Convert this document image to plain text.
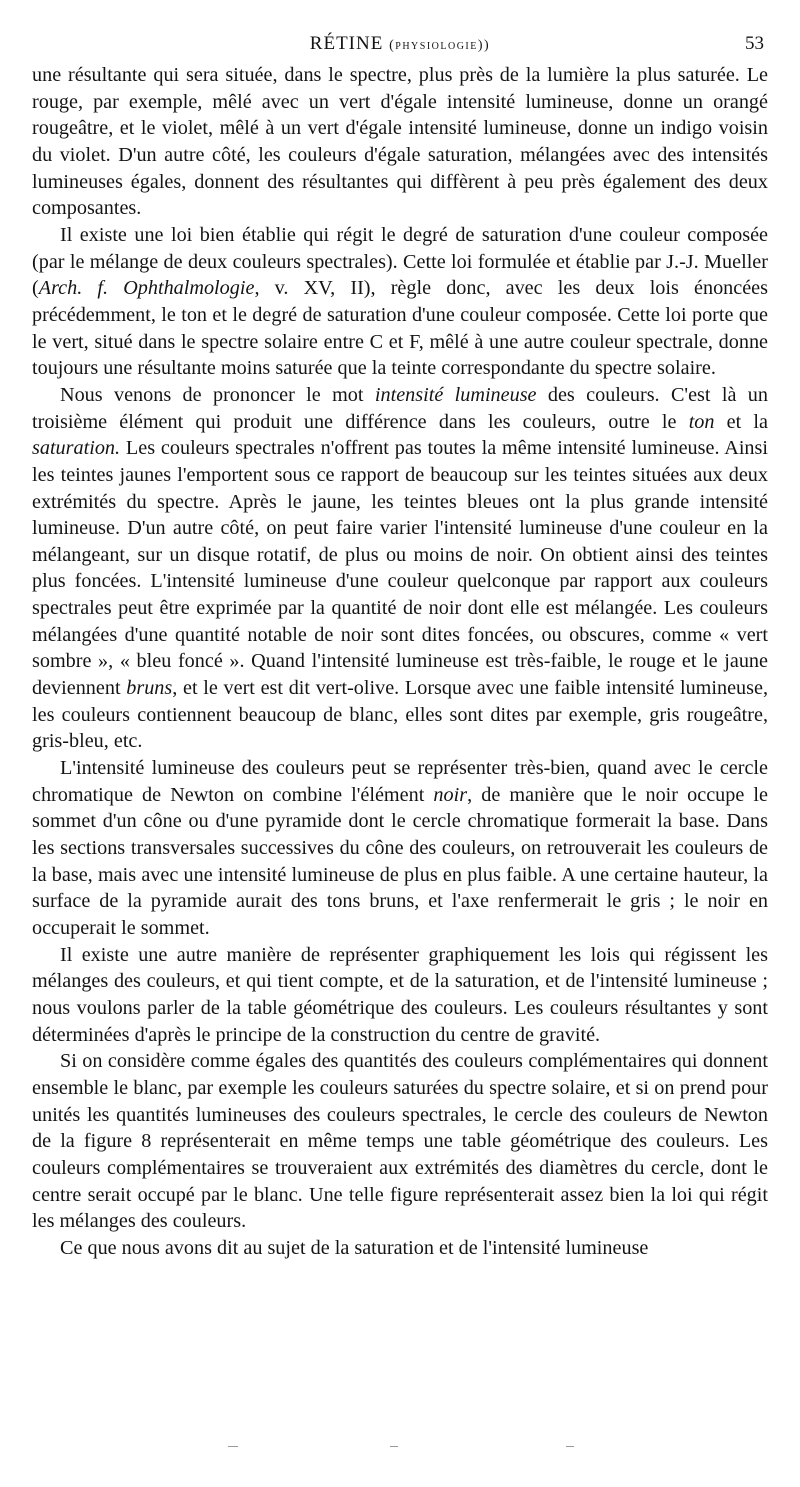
RÉTINE (physiologie))	53

une résultante qui sera située, dans le spectre, plus près de la lumière la plus saturée. Le rouge, par exemple, mêlé avec un vert d'égale intensité lumineuse, donne un orangé rougeâtre, et le violet, mêlé à un vert d'égale intensité lumineuse, donne un indigo voisin du violet. D'un autre côté, les couleurs d'égale saturation, mélangées avec des intensités lumineuses égales, donnent des résultantes qui diffèrent à peu près également des deux composantes.

Il existe une loi bien établie qui régit le degré de saturation d'une couleur composée (par le mélange de deux couleurs spectrales). Cette loi formulée et établie par J.-J. Mueller (Arch. f. Ophthalmologie, v. XV, II), règle donc, avec les deux lois énoncées précédemment, le ton et le degré de saturation d'une couleur composée. Cette loi porte que le vert, situé dans le spectre solaire entre C et F, mêlé à une autre couleur spectrale, donne toujours une résultante moins saturée que la teinte correspondante du spectre solaire.

Nous venons de prononcer le mot intensité lumineuse des couleurs. C'est là un troisième élément qui produit une différence dans les couleurs, outre le ton et la saturation. Les couleurs spectrales n'offrent pas toutes la même intensité lumineuse. Ainsi les teintes jaunes l'emportent sous ce rapport de beaucoup sur les teintes situées aux deux extrémités du spectre. Après le jaune, les teintes bleues ont la plus grande intensité lumineuse. D'un autre côté, on peut faire varier l'intensité lumineuse d'une couleur en la mélangeant, sur un disque rotatif, de plus ou moins de noir. On obtient ainsi des teintes plus foncées. L'intensité lumineuse d'une couleur quelconque par rapport aux couleurs spectrales peut être exprimée par la quantité de noir dont elle est mélangée. Les couleurs mélangées d'une quantité notable de noir sont dites foncées, ou obscures, comme « vert sombre », « bleu foncé ». Quand l'intensité lumineuse est très-faible, le rouge et le jaune deviennent bruns, et le vert est dit vert-olive. Lorsque avec une faible intensité lumineuse, les couleurs contiennent beaucoup de blanc, elles sont dites par exemple, gris rougeâtre, gris-bleu, etc.

L'intensité lumineuse des couleurs peut se représenter très-bien, quand avec le cercle chromatique de Newton on combine l'élément noir, de manière que le noir occupe le sommet d'un cône ou d'une pyramide dont le cercle chromatique formerait la base. Dans les sections transversales successives du cône des couleurs, on retrouverait les couleurs de la base, mais avec une intensité lumineuse de plus en plus faible. A une certaine hauteur, la surface de la pyramide aurait des tons bruns, et l'axe renfermerait le gris ; le noir en occuperait le sommet.

Il existe une autre manière de représenter graphiquement les lois qui régissent les mélanges des couleurs, et qui tient compte, et de la saturation, et de l'intensité lumineuse ; nous voulons parler de la table géométrique des couleurs. Les couleurs résultantes y sont déterminées d'après le principe de la construction du centre de gravité.

Si on considère comme égales des quantités des couleurs complémentaires qui donnent ensemble le blanc, par exemple les couleurs saturées du spectre solaire, et si on prend pour unités les quantités lumineuses des couleurs spectrales, le cercle des couleurs de Newton de la figure 8 représenterait en même temps une table géométrique des couleurs. Les couleurs complémentaires se trouveraient aux extrémités des diamètres du cercle, dont le centre serait occupé par le blanc. Une telle figure représenterait assez bien la loi qui régit les mélanges des couleurs.

Ce que nous avons dit au sujet de la saturation et de l'intensité lumineuse
